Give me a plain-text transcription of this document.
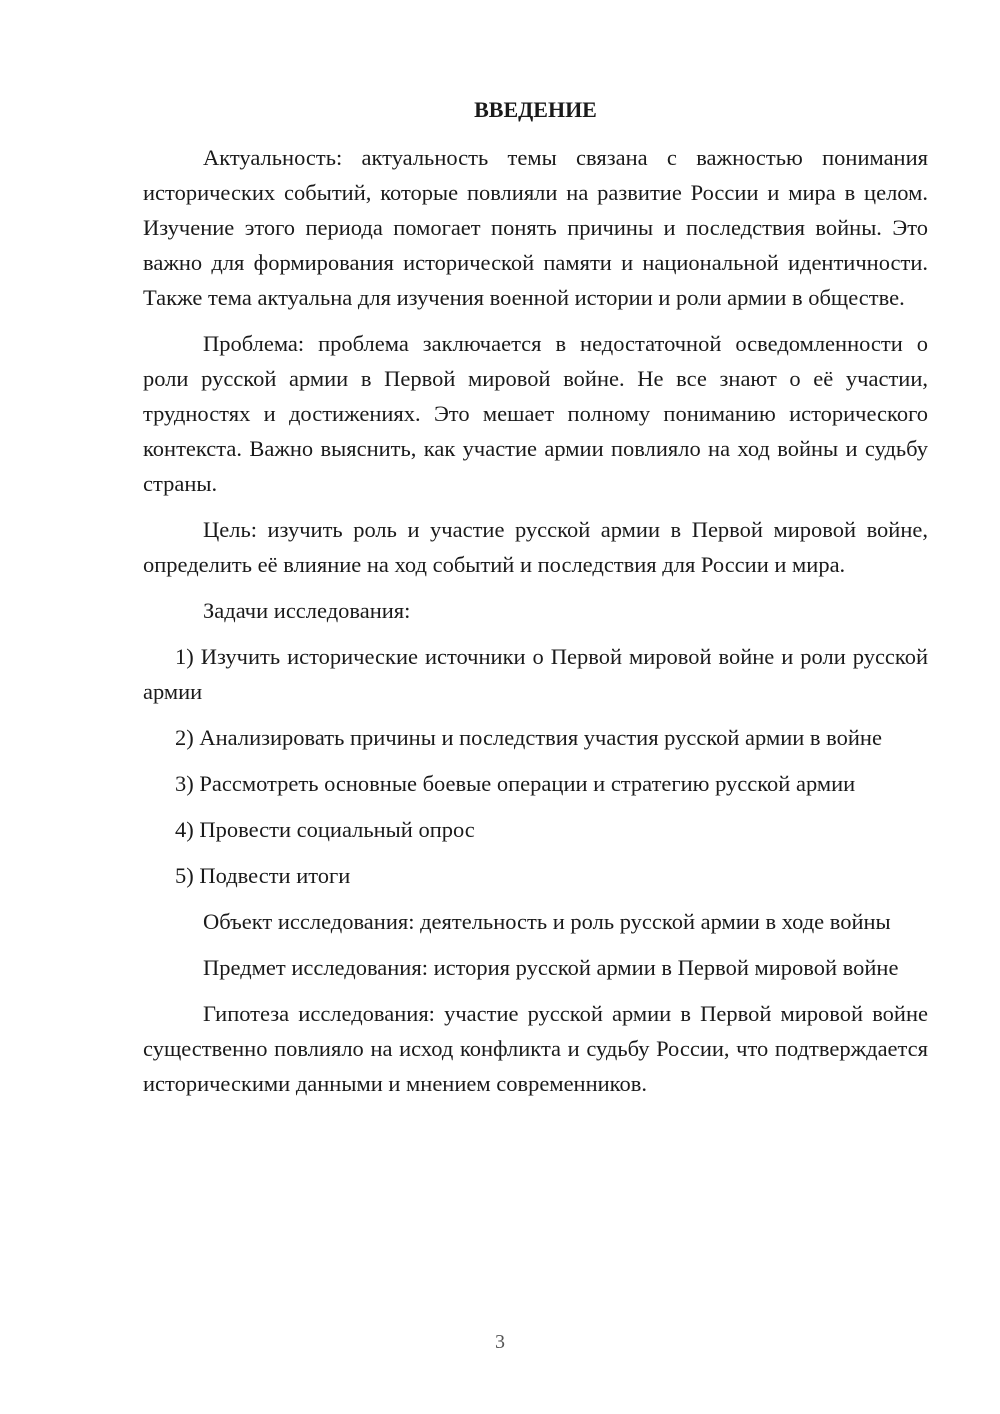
ВВЕДЕНИЕ

Актуальность: актуальность темы связана с важностью понимания исторических событий, которые повлияли на развитие России и мира в целом. Изучение этого периода помогает понять причины и последствия войны. Это важно для формирования исторической памяти и национальной идентичности. Также тема актуальна для изучения военной истории и роли армии в обществе.

Проблема: проблема заключается в недостаточной осведомленности о роли русской армии в Первой мировой войне. Не все знают о её участии, трудностях и достижениях. Это мешает полному пониманию исторического контекста. Важно выяснить, как участие армии повлияло на ход войны и судьбу страны.

Цель: изучить роль и участие русской армии в Первой мировой войне, определить её влияние на ход событий и последствия для России и мира.

Задачи исследования:

1) Изучить исторические источники о Первой мировой войне и роли русской армии

2) Анализировать причины и последствия участия русской армии в войне

3) Рассмотреть основные боевые операции и стратегию русской армии

4) Провести социальный опрос

5) Подвести итоги

Объект исследования: деятельность и роль русской армии в ходе войны

Предмет исследования: история русской армии в Первой мировой войне

Гипотеза исследования: участие русской армии в Первой мировой войне существенно повлияло на исход конфликта и судьбу России, что подтверждается историческими данными и мнением современников.

3
